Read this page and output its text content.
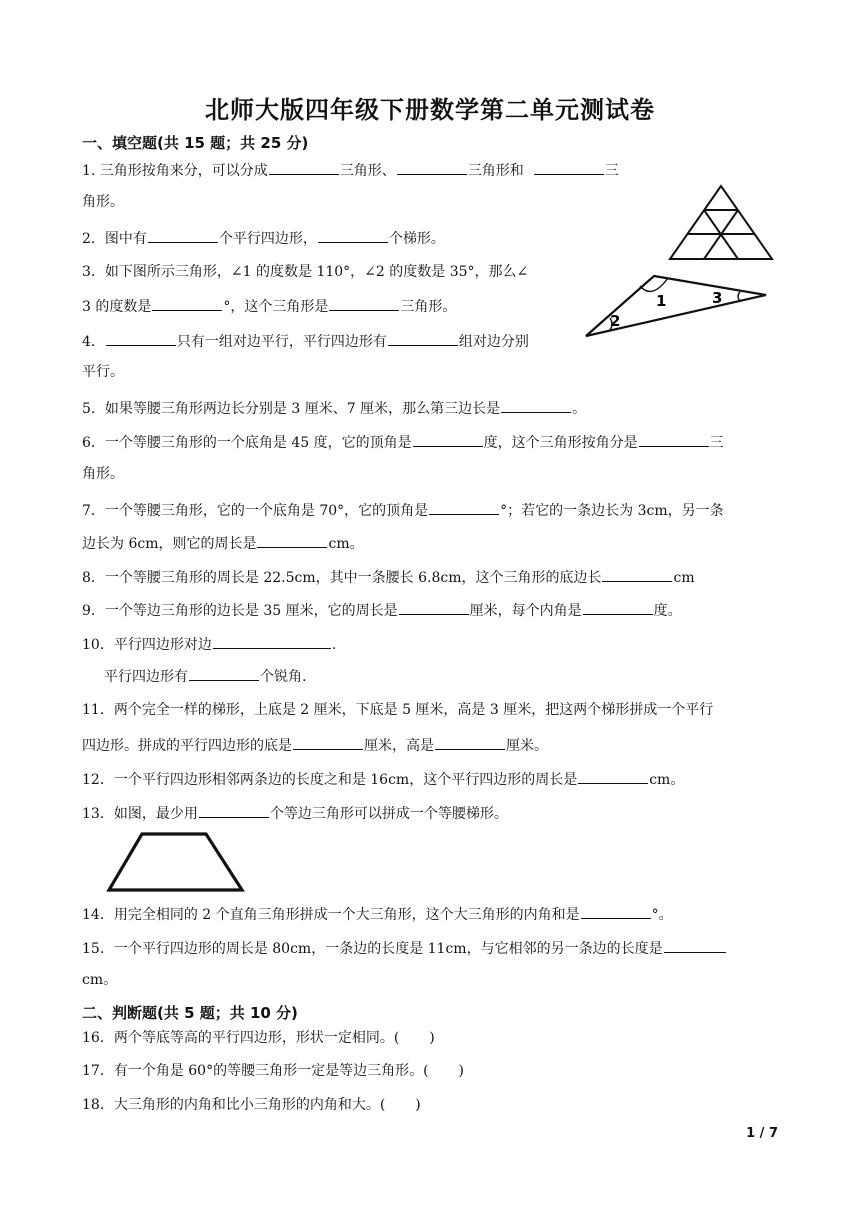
北师大版四年级下册数学第二单元测试卷
一、填空题(共 15 题；共 25 分)
1. 三角形按角来分，可以分成	三角形、	三角形和	三
角形。
2．图中有	个平行四边形，	个梯形。
3．如下图所示三角形，∠1 的度数是 110°，∠2 的度数是 35°，那么∠
3 的度数是	°，这个三角形是	三角形。
4．	只有一组对边平行，平行四边形有	组对边分别
平行。
5．如果等腰三角形两边长分别是 3 厘米、7 厘米，那么第三边长是	。
6．一个等腰三角形的一个底角是 45 度，它的顶角是	度，这个三角形按角分是	三
角形。
7．一个等腰三角形，它的一个底角是 70°，它的顶角是	°；若它的一条边长为 3cm，另一条
边长为 6cm，则它的周长是	cm。
8．一个等腰三角形的周长是 22.5cm，其中一条腰长 6.8cm，这个三角形的底边长	cm
9．一个等边三角形的边长是 35 厘米，它的周长是	厘米，每个内角是	度。
10．平行四边形对边	.
平行四边形有	个锐角.
11．两个完全一样的梯形，上底是 2 厘米，下底是 5 厘米，高是 3 厘米，把这两个梯形拼成一个平行
四边形。拼成的平行四边形的底是	厘米，高是	厘米。
12．一个平行四边形相邻两条边的长度之和是 16cm，这个平行四边形的周长是	cm。
13．如图，最少用	个等边三角形可以拼成一个等腰梯形。
14．用完全相同的 2 个直角三角形拼成一个大三角形，这个大三角形的内角和是	°。
15．一个平行四边形的周长是 80cm，一条边的长度是 11cm，与它相邻的另一条边的长度是
cm。
二、判断题(共 5 题；共 10 分)
16．两个等底等高的平行四边形，形状一定相同。( )
17．有一个角是 60°的等腰三角形一定是等边三角形。( )
18．大三角形的内角和比小三角形的内角和大。( )
1
2
3
1 / 7
